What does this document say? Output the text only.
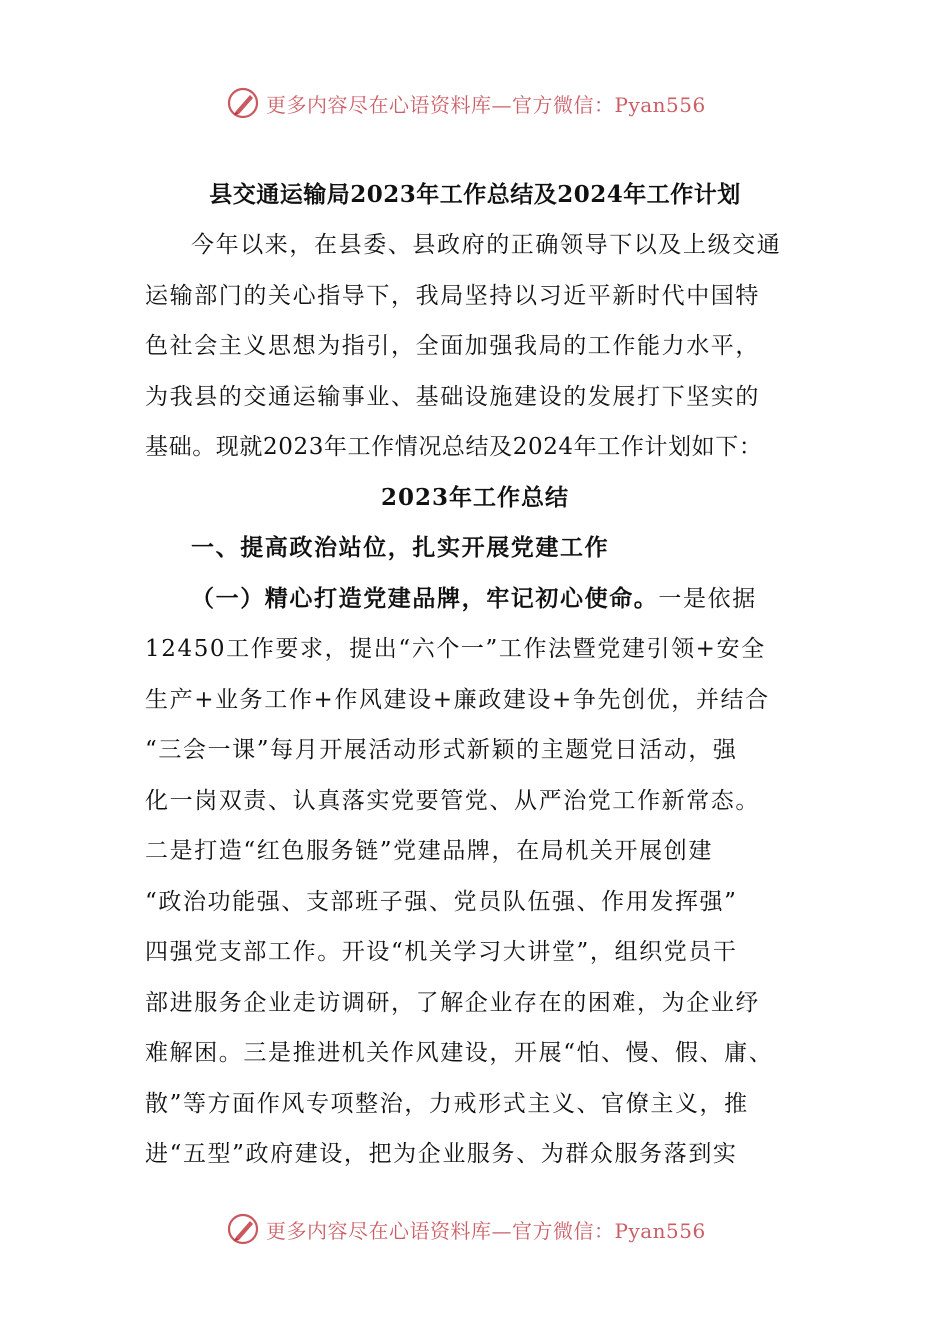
更多内容尽在心语资料库—官方微信：Pyan556
县交通运输局2023年工作总结及2024年工作计划
今年以来，在县委、县政府的正确领导下以及上级交通
运输部门的关心指导下，我局坚持以习近平新时代中国特
色社会主义思想为指引，全面加强我局的工作能力水平，
为我县的交通运输事业、基础设施建设的发展打下坚实的
基础。现就2023年工作情况总结及2024年工作计划如下：
2023年工作总结
一、提高政治站位，扎实开展党建工作
（一）精心打造党建品牌，牢记初心使命。一是依据
12450工作要求，提出“六个一”工作法暨党建引领+安全
生产+业务工作+作风建设+廉政建设+争先创优，并结合
“三会一课”每月开展活动形式新颖的主题党日活动，强
化一岗双责、认真落实党要管党、从严治党工作新常态。
二是打造“红色服务链”党建品牌，在局机关开展创建
“政治功能强、支部班子强、党员队伍强、作用发挥强”
四强党支部工作。开设“机关学习大讲堂”，组织党员干
部进服务企业走访调研，了解企业存在的困难，为企业纾
难解困。三是推进机关作风建设，开展“怕、慢、假、庸、
散”等方面作风专项整治，力戒形式主义、官僚主义，推
进“五型”政府建设，把为企业服务、为群众服务落到实
更多内容尽在心语资料库—官方微信：Pyan556
